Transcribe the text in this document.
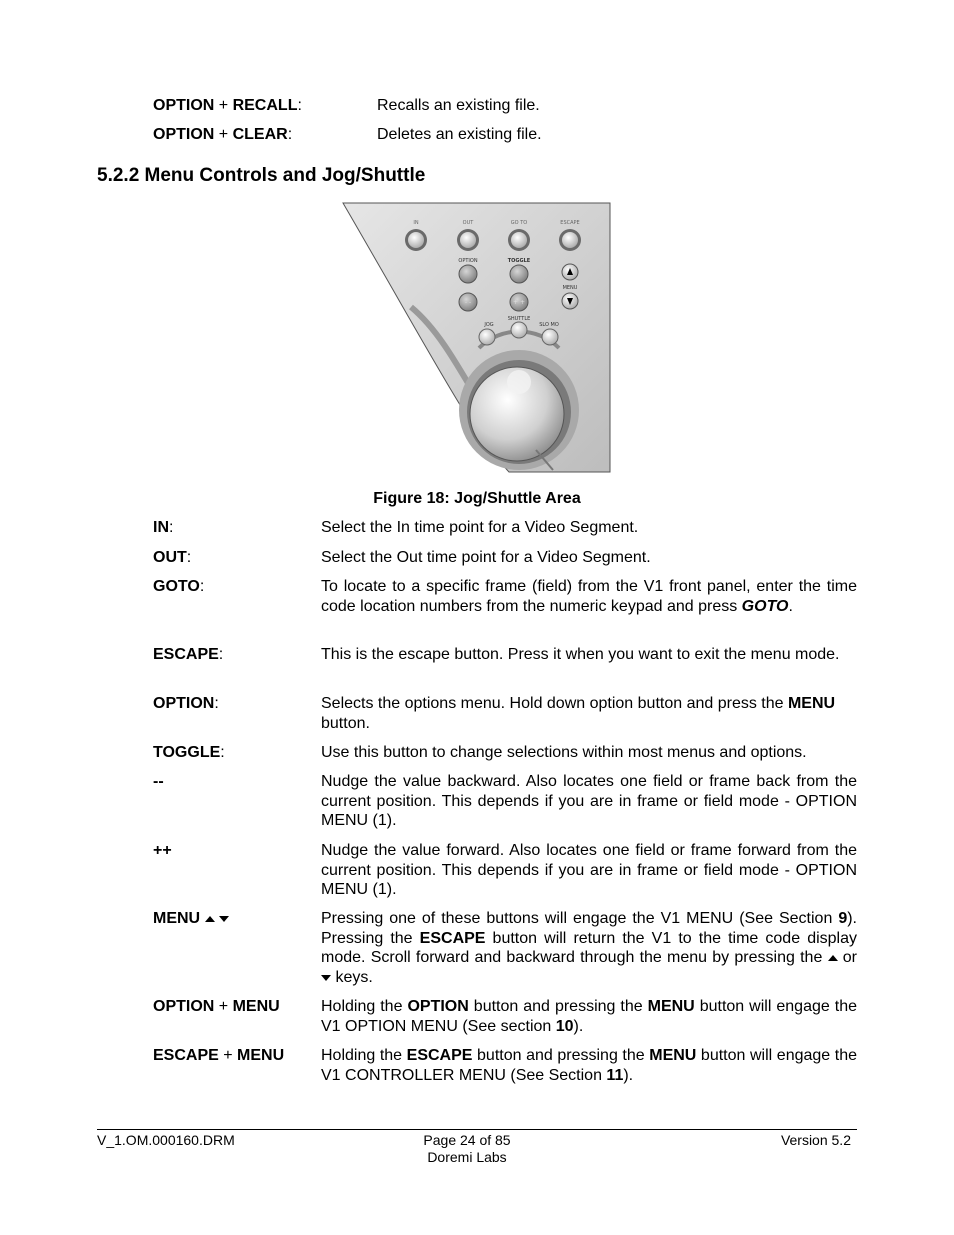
OPTION + RECALL:	Recalls an existing file.
OPTION + CLEAR:	Deletes an existing file.
5.2.2 Menu Controls and Jog/Shuttle
IN	OUT	GO TO	ESCAPE
OPTION	TOGGLE
MENU
- -	+ +
SHUTTLE
JOG	SLO MO
Figure 18: Jog/Shuttle Area
IN:	Select the In time point for a Video Segment.
OUT:	Select the Out time point for a Video Segment.
GOTO:	To locate to a specific frame (field) from the V1 front panel, enter the time code location numbers from the numeric keypad and press GOTO.
ESCAPE:	This is the escape button. Press it when you want to exit the menu mode.
OPTION:	Selects the options menu. Hold down option button and press the MENU button.
TOGGLE:	Use this button to change selections within most menus and options.
--	Nudge the value backward. Also locates one field or frame back from the current position. This depends if you are in frame or field mode - OPTION MENU (1).
++	Nudge the value forward. Also locates one field or frame forward from the current position. This depends if you are in frame or field mode - OPTION MENU (1).
MENU	Pressing one of these buttons will engage the V1 MENU (See Section 9). Pressing the ESCAPE button will return the V1 to the time code display mode. Scroll forward and backward through the menu by pressing the  or  keys.
OPTION + MENU	Holding the OPTION button and pressing the MENU button will engage the V1 OPTION MENU (See section 10).
ESCAPE + MENU	Holding the ESCAPE button and pressing the MENU button will engage the V1 CONTROLLER MENU (See Section 11).
V_1.OM.000160.DRM	Page 24 of 85
Doremi Labs
Version 5.2
